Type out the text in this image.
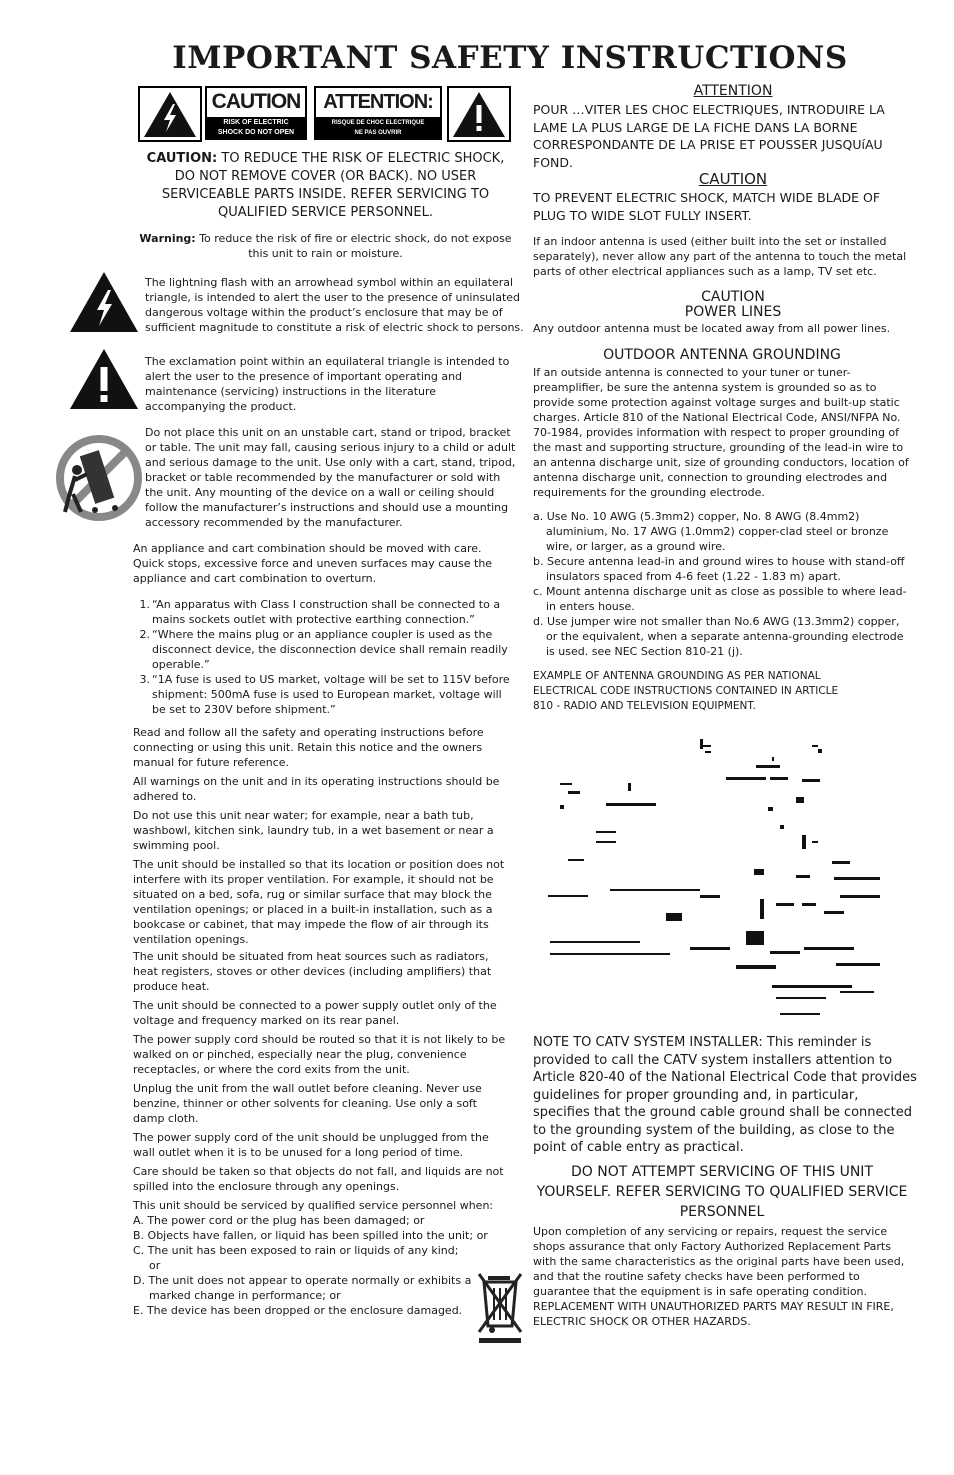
IMPORTANT SAFETY INSTRUCTIONS
CAUTION
RISK OF ELECTRIC
SHOCK DO NOT OPEN
ATTENTION:
RISQUE DE CHOC ELECTRIQUE
NE PAS OUVRIR
CAUTION: TO REDUCE THE RISK OF ELECTRIC SHOCK, DO NOT REMOVE COVER (OR BACK). NO USER SERVICEABLE PARTS INSIDE. REFER SERVICING TO QUALIFIED SERVICE PERSONNEL.
Warning: To reduce the risk of fire or electric shock, do not expose this unit to rain or moisture.
The lightning flash with an arrowhead symbol within an equilateral triangle, is intended to alert the user to the presence of uninsulated dangerous voltage within the product’s enclosure that may be of sufficient magnitude to constitute a risk of electric shock to persons.
The exclamation point within an equilateral triangle is intended to alert the user to the presence of important operating and maintenance (servicing) instructions in the literature accompanying the product.
Do not place this unit on an unstable cart, stand or tripod, bracket or table. The unit may fall, causing serious injury to a child or adult and serious damage to the unit. Use only with a cart, stand, tripod, bracket or table recommended by the manufacturer or sold with the unit. Any mounting of the device on a wall or ceiling should follow the manufacturer’s instructions and should use a mounting accessory recommended by the manufacturer.
An appliance and cart combination should be moved with care. Quick stops, excessive force and uneven surfaces may cause the appliance and cart combination to overturn.
1. “An apparatus with Class I construction shall be connected to a mains sockets outlet with protective earthing connection.”
2. “Where the mains plug or an appliance coupler is used as the disconnect device, the disconnection device shall remain readily operable.”
3. “1A fuse is used to US market, voltage will be set to 115V before shipment: 500mA fuse is used to European market, voltage will be set to 230V before shipment.”
Read and follow all the safety and operating instructions before connecting or using this unit. Retain this notice and the owners manual for future reference.
All warnings on the unit and in its operating instructions should be adhered to.
Do not use this unit near water; for example, near a bath tub, washbowl, kitchen sink, laundry tub, in a wet basement or near a swimming pool.
The unit should be installed so that its location or position does not interfere with its proper ventilation. For example, it should not be situated on a bed, sofa, rug or similar surface that may block the ventilation openings; or placed in a built-in installation, such as a bookcase or cabinet, that may impede the flow of air through its ventilation openings.
The unit should be situated from heat sources such as radiators, heat registers, stoves or other devices (including amplifiers) that produce heat.
The unit should be connected to a power supply outlet only of the voltage and frequency marked on its rear panel.
The power supply cord should be routed so that it is not likely to be walked on or pinched, especially near the plug, convenience receptacles, or where the cord exits from the unit.
Unplug the unit from the wall outlet before cleaning. Never use benzine, thinner or other solvents for cleaning. Use only a soft damp cloth.
The power supply cord of the unit should be unplugged from the wall outlet when it is to be unused for a long period of time.
Care should be taken so that objects do not fall, and liquids are not spilled into the enclosure through any openings.
This unit should be serviced by qualified service personnel when:
A. The power cord or the plug has been damaged; or
B. Objects have fallen, or liquid has been spilled into the unit; or
C. The unit has been exposed to rain or liquids of any kind; or
D. The unit does not appear to operate normally or exhibits a marked change in performance; or
E. The device has been dropped or the enclosure damaged.
ATTENTION
POUR …VITER LES CHOC ELECTRIQUES, INTRODUIRE LA LAME LA PLUS LARGE DE LA FICHE DANS LA BORNE CORRESPONDANTE DE LA PRISE ET POUSSER JUSQUíAU FOND.
CAUTION
TO PREVENT ELECTRIC SHOCK, MATCH WIDE BLADE OF PLUG TO WIDE SLOT FULLY INSERT.
If an indoor antenna is used (either built into the set or installed separately), never allow any part of the antenna to touch the metal parts of other electrical appliances such as a lamp, TV set etc.
CAUTION
POWER LINES
Any outdoor antenna must be located away from all power lines.
OUTDOOR ANTENNA GROUNDING
If an outside antenna is connected to your tuner or tuner-preamplifier, be sure the antenna system is grounded so as to provide some protection against voltage surges and built-up static charges. Article 810 of the National Electrical Code, ANSI/NFPA No. 70-1984, provides information with respect to proper grounding of the mast and supporting structure, grounding of the lead-in wire to an antenna discharge unit, size of grounding conductors, location of antenna discharge unit, connection to grounding electrodes and requirements for the grounding electrode.
a. Use No. 10 AWG (5.3mm2) copper, No. 8 AWG (8.4mm2) aluminium, No. 17 AWG (1.0mm2) copper-clad steel or bronze wire, or larger, as a ground wire.
b. Secure antenna lead-in and ground wires to house with stand-off insulators spaced from 4-6 feet (1.22 - 1.83 m) apart.
c. Mount antenna discharge unit as close as possible to where lead-in enters house.
d. Use jumper wire not smaller than No.6 AWG (13.3mm2) copper, or the equivalent, when a separate antenna-grounding electrode is used. see NEC Section 810-21 (j).
EXAMPLE OF ANTENNA GROUNDING AS PER NATIONAL ELECTRICAL CODE INSTRUCTIONS CONTAINED IN ARTICLE 810 - RADIO AND TELEVISION EQUIPMENT.
NOTE TO CATV SYSTEM INSTALLER: This reminder is provided to call the CATV system installers attention to Article 820-40 of the National Electrical Code that provides guidelines for proper grounding and, in particular, specifies that the ground cable ground shall be connected to the grounding system of the building, as close to the point of cable entry as practical.
DO NOT ATTEMPT SERVICING OF THIS UNIT YOURSELF. REFER SERVICING TO QUALIFIED SERVICE PERSONNEL
Upon completion of any servicing or repairs, request the service shops assurance that only Factory Authorized Replacement Parts with the same characteristics as the original parts have been used, and that the routine safety checks have been performed to guarantee that the equipment is in safe operating condition. REPLACEMENT WITH UNAUTHORIZED PARTS MAY RESULT IN FIRE, ELECTRIC SHOCK OR OTHER HAZARDS.
